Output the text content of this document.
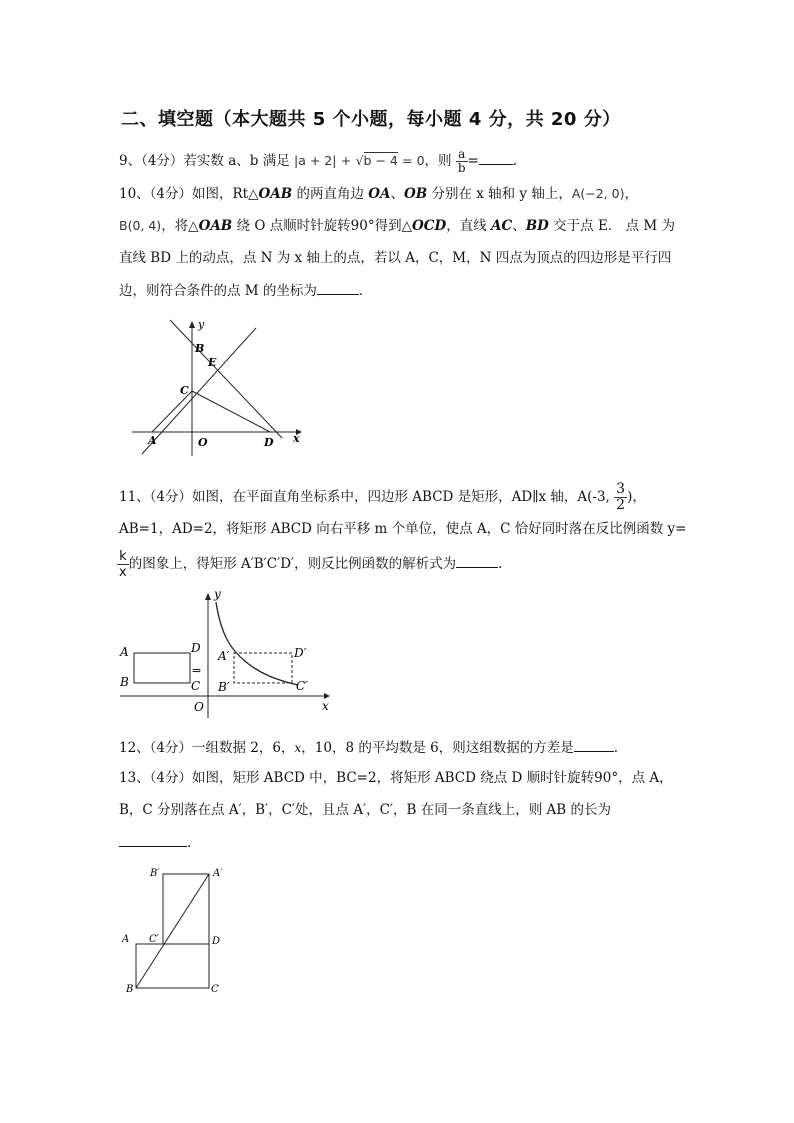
二、填空题（本大题共 5 个小题，每小题 4 分，共 20 分）
9、（4分）若实数 a、b 满足 |a + 2| + √b − 4 = 0，则 $\frac{a}{b}$ =	.
10、（4分）如图，Rt△OAB 的两直角边 OA、OB 分别在 x 轴和 y 轴上，A(−2, 0)，
B(0, 4)，将△OAB 绕 O 点顺时针旋转90°得到△OCD，直线 AC、BD 交于点 E． 点 M 为
直线 BD 上的动点，点 N 为 x 轴上的点，若以 A，C，M，N 四点为顶点的四边形是平行四
边，则符合条件的点 M 的坐标为	．
y
x
B
E
C
A	O	D
11、（4分）如图，在平面直角坐标系中，四边形 ABCD 是矩形，AD∥x 轴，A(-3, $\frac{3}{2}$ )，
AB=1，AD=2，将矩形 ABCD 向右平移 m 个单位，使点 A，C 恰好同时落在反比例函数 y=
$\frac{k}{x}$ 的图象上，得矩形 A′B′C′D′，则反比例函数的解析式为	.
y
x
O
A
B
D
C
⇒
A′
B′
D′
C′
12、（4分）一组数据 2，6，x，10，8 的平均数是 6，则这组数据的方差是	.
13、（4分）如图，矩形 ABCD 中，BC=2，将矩形 ABCD 绕点 D 顺时针旋转90°，点 A，
B，C 分别落在点 A′，B′，C′处，且点 A′，C′，B 在同一条直线上，则 AB 的长为
.
B′	A′
A C′	D
B	C
